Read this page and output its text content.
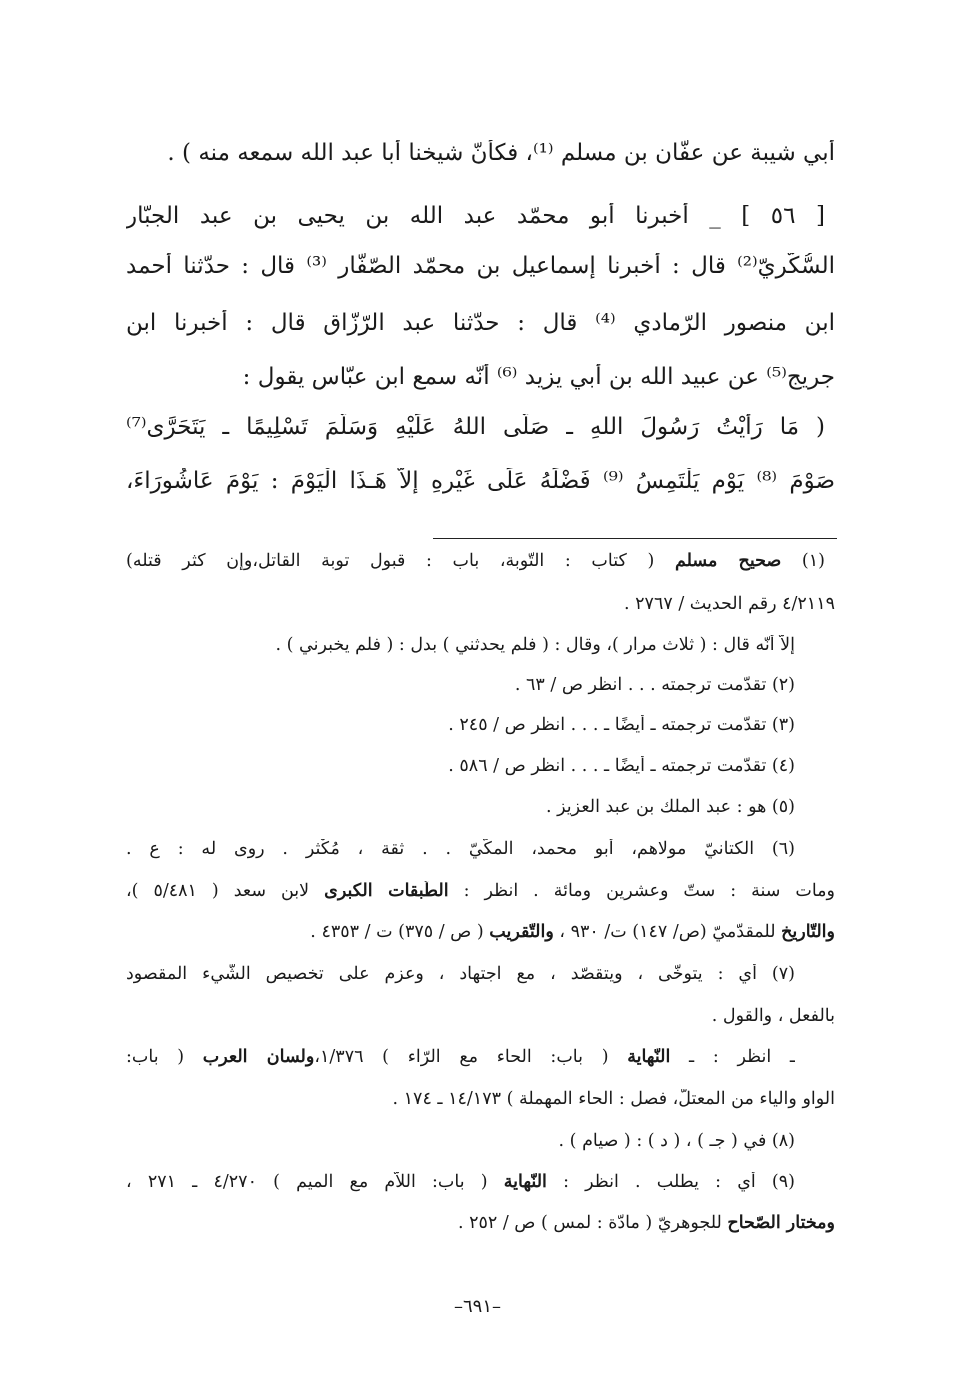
أَبي شيبة عن عفّان بن مسلم ⁽¹⁾، فكأنّ شيخنا أبا عبد الله سمعه منه ) .
[ ٥٦ ] _ أخبرنا أبو محمّد عبد الله بن يحيى بن عبد الجبّار
السُّكَّريّ⁽²⁾ قال : أخبرنا إسماعيل بن محمّد الصّفّار ⁽³⁾ قال : حدّثنا أحمد
ابن منصور الرّمادي ⁽⁴⁾ قال : حدّثنا عبد الرّزّاق قال : أخبرنا ابن
جريج⁽⁵⁾ عن عبيد الله بن أبي يزيد ⁽⁶⁾ أنّه سمع ابن عبّاس يقول :
( مَا رَأَيْتُ رَسُولَ اللهِ ـ صَلَّى اللهُ عَلَيْهِ وَسَلَّمَ تَسْلِيمًا ـ يَتَحَرَّى⁽⁷⁾
صَوْمَ ⁽⁸⁾ يَوْمٍ يَلْتَمِسُ ⁽⁹⁾ فَضْلَهُ عَلَى غَيْرِهِ إلاّ هَـذَا الْيَوْمَ : يَوْمَ عَاشُورَاءَ،
(١) صحيح مسلم ( كتاب : التّوبة، باب : قبول توبة القاتل،وإن كثر قتله)
٤/٢١١٩ رقم الحديث / ٢٧٦٧ .
إلاّ أنّه قال : ( ثلاث مرار )، وقال : ( فلم يحدثني ) بدل : ( فلم يخبرني ) .
(٢) تقدّمت ترجمته . . . انظر ص / ٦٣ .
(٣) تقدّمت ترجمته ـ أيضًا ـ . . . انظر ص / ٢٤٥ .
(٤) تقدّمت ترجمته ـ أيضًا ـ . . . انظر ص / ٥٨٦ .
(٥) هو : عبد الملك بن عبد العزيز .
(٦) الكتانيّ مولاهم، أبو محمد، المكّيّ . . ثقة ، مُكْثر . روى له : ع .
ومات سنة : ستّ وعشرين ومائة . انظر : الطّبقات الكبرى لابن سعد ( ٥/٤٨١ )،
والتّاريخ للمقدّميّ (ص/ ١٤٧) ت/ ٩٣٠ ، والتّقريب ( ص / ٣٧٥) ت / ٤٣٥٣ .
(٧) أي : يتوخّى ، ويتقصّد ، مع اجتهاد ، وعزم على تخصيص الشّيء المقصود
بالفعل ، والقول .
ـ انظر : ـ النّهاية ( باب: الحاء مع الرّاء ) ١/٣٧٦،ولسان العرب ( باب:
الواو والياء من المعتلّ، فصل : الحاء المهملة ) ١٤/١٧٣ ـ ١٧٤ .
(٨) في ( جـ ) ، ( د ) : ( صيام ) .
(٩) أي : يطلب . انظر : النّهاية ( باب: اللاّم مع الميم ) ٤/٢٧٠ ـ ٢٧١ ،
ومختار الصّحاح للجوهريّ ( مادّة : لمس ) ص / ٢٥٢ .
–٦٩١–
